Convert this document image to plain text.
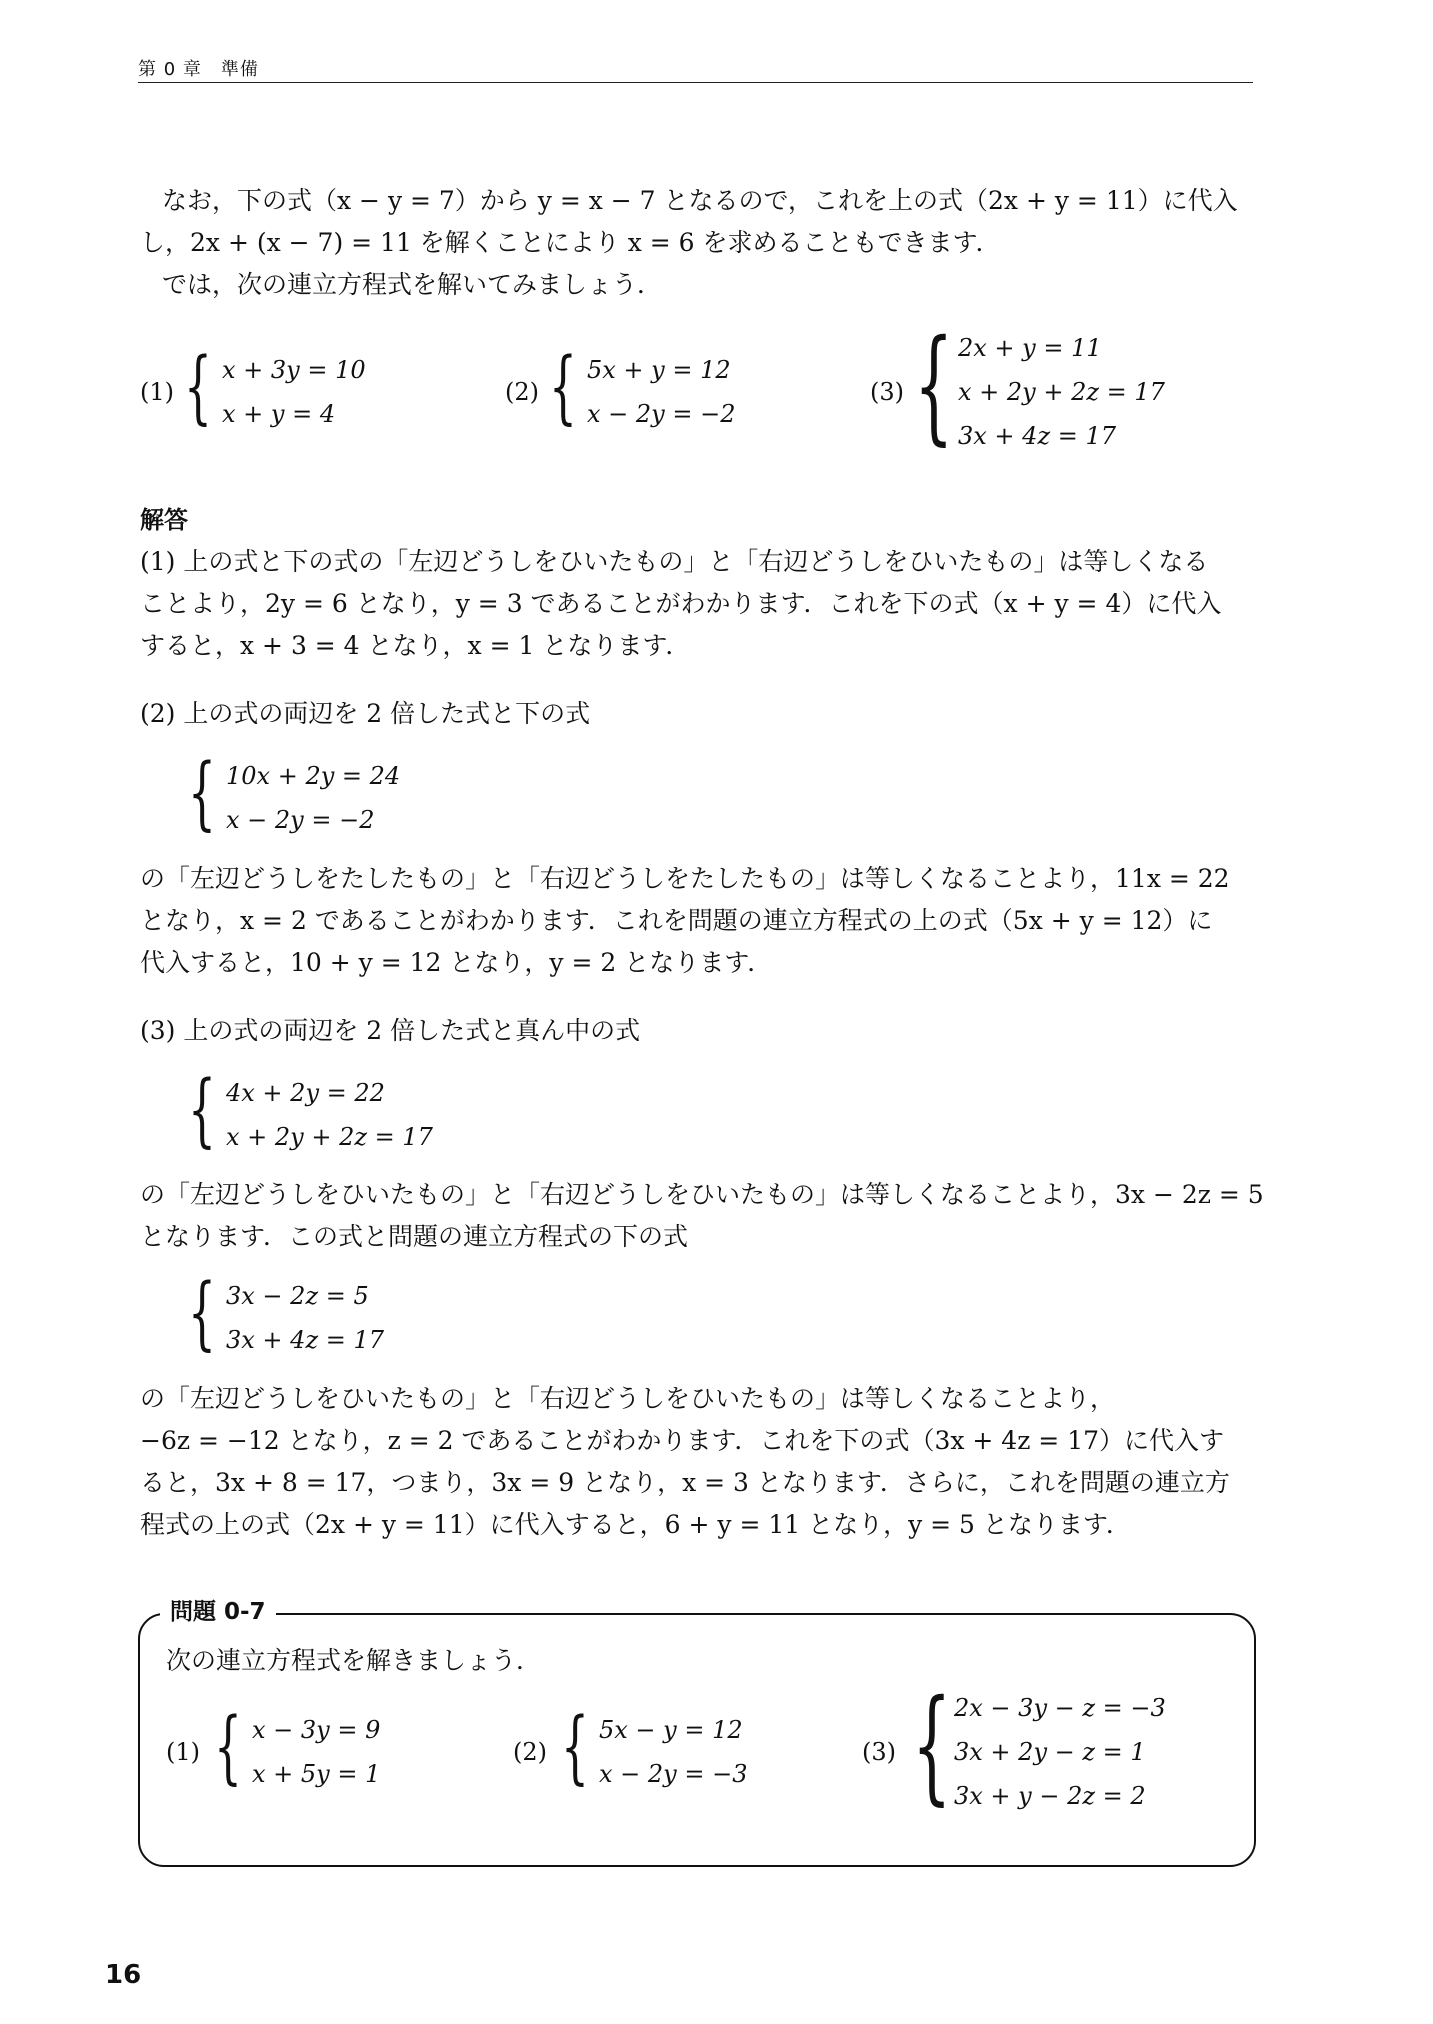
第 0 章　準備
なお，下の式（x − y = 7）から y = x − 7 となるので，これを上の式（2x + y = 11）に代入
し，2x + (x − 7) = 11 を解くことにより x = 6 を求めることもできます．
では，次の連立方程式を解いてみましょう．
(1) { x + 3y = 10
x + y = 4
(2) { 5x + y = 12
x − 2y = −2
(3) { 2x + y = 11
x + 2y + 2z = 17
3x + 4z = 17
解答
(1) 上の式と下の式の「左辺どうしをひいたもの」と「右辺どうしをひいたもの」は等しくなる
ことより，2y = 6 となり，y = 3 であることがわかります．これを下の式（x + y = 4）に代入
すると，x + 3 = 4 となり，x = 1 となります．
(2) 上の式の両辺を 2 倍した式と下の式
{ 10x + 2y = 24
x − 2y = −2
の「左辺どうしをたしたもの」と「右辺どうしをたしたもの」は等しくなることより，11x = 22
となり，x = 2 であることがわかります．これを問題の連立方程式の上の式（5x + y = 12）に
代入すると，10 + y = 12 となり，y = 2 となります．
(3) 上の式の両辺を 2 倍した式と真ん中の式
{ 4x + 2y = 22
x + 2y + 2z = 17
の「左辺どうしをひいたもの」と「右辺どうしをひいたもの」は等しくなることより，3x − 2z = 5
となります．この式と問題の連立方程式の下の式
{ 3x − 2z = 5
3x + 4z = 17
の「左辺どうしをひいたもの」と「右辺どうしをひいたもの」は等しくなることより，
−6z = −12 となり，z = 2 であることがわかります．これを下の式（3x + 4z = 17）に代入す
ると，3x + 8 = 17，つまり，3x = 9 となり，x = 3 となります．さらに，これを問題の連立方
程式の上の式（2x + y = 11）に代入すると，6 + y = 11 となり，y = 5 となります．
問題 0-7
次の連立方程式を解きましょう．
(1) { x − 3y = 9
x + 5y = 1
(2) { 5x − y = 12
x − 2y = −3
(3) { 2x − 3y − z = −3
3x + 2y − z = 1
3x + y − 2z = 2
16
